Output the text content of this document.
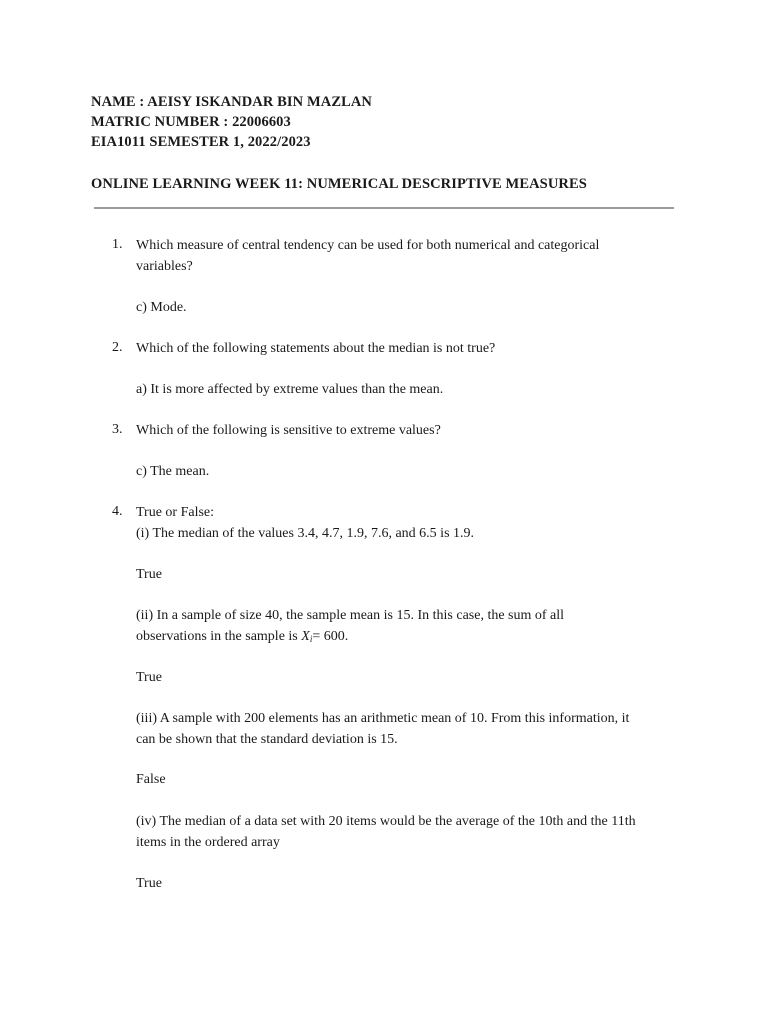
NAME : AEISY ISKANDAR BIN MAZLAN
MATRIC NUMBER : 22006603
EIA1011 SEMESTER 1, 2022/2023
ONLINE LEARNING WEEK 11: NUMERICAL DESCRIPTIVE MEASURES
1. Which measure of central tendency can be used for both numerical and categorical
variables?
c) Mode.
2. Which of the following statements about the median is not true?
a) It is more affected by extreme values than the mean.
3. Which of the following is sensitive to extreme values?
c) The mean.
4. True or False:
(i) The median of the values 3.4, 4.7, 1.9, 7.6, and 6.5 is 1.9.
True
(ii) In a sample of size 40, the sample mean is 15. In this case, the sum of all
observations in the sample is $X_i= 600$.
True
(iii) A sample with 200 elements has an arithmetic mean of 10. From this information, it
can be shown that the standard deviation is 15.
False
(iv) The median of a data set with 20 items would be the average of the 10th and the 11th
items in the ordered array
True
